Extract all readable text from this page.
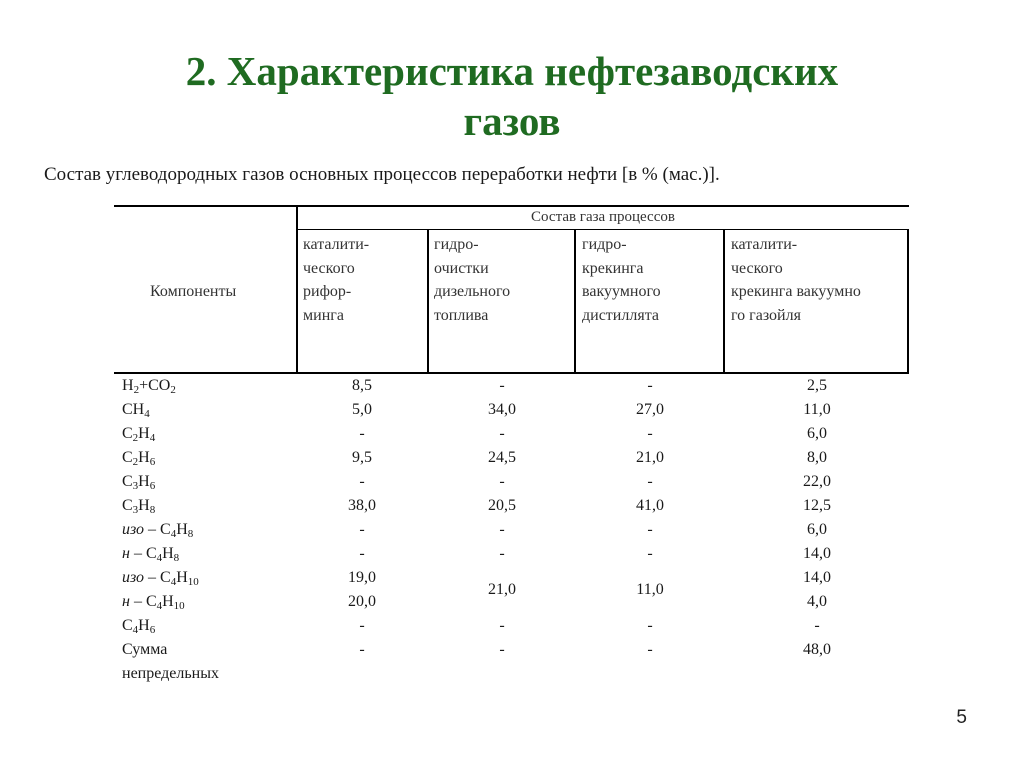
2. Характеристика нефтезаводских
газов
Состав углеводородных газов основных процессов переработки нефти [в % (мас.)].
Компоненты
Состав газа процессов
каталити-
ческого
рифор-
минга
гидро-
очистки
дизельного
топлива
гидро-
крекинга
вакуумного
дистиллята
каталити-
ческого
крекинга вакуумно
го газойля
$H_2+CO_2$
$CH_4$
$C_2H_4$
$C_2H_6$
$C_3H_6$
$C_3H_8$
изо – $C_4H_8$
н – $C_4H_8$
изо – $C_4H_{10}$
н – $C_4H_{10}$
$C_4H_6$
Сумма
непредельных
8,5
5,0
-
9,5
-
38,0
-
-
19,0
20,0
-
-
-
34,0
-
24,5
-
20,5
-
-
21,0
-
-
-
27,0
-
21,0
-
41,0
-
-
11,0
-
-
2,5
11,0
6,0
8,0
22,0
12,5
6,0
14,0
14,0
4,0
-
48,0
5
